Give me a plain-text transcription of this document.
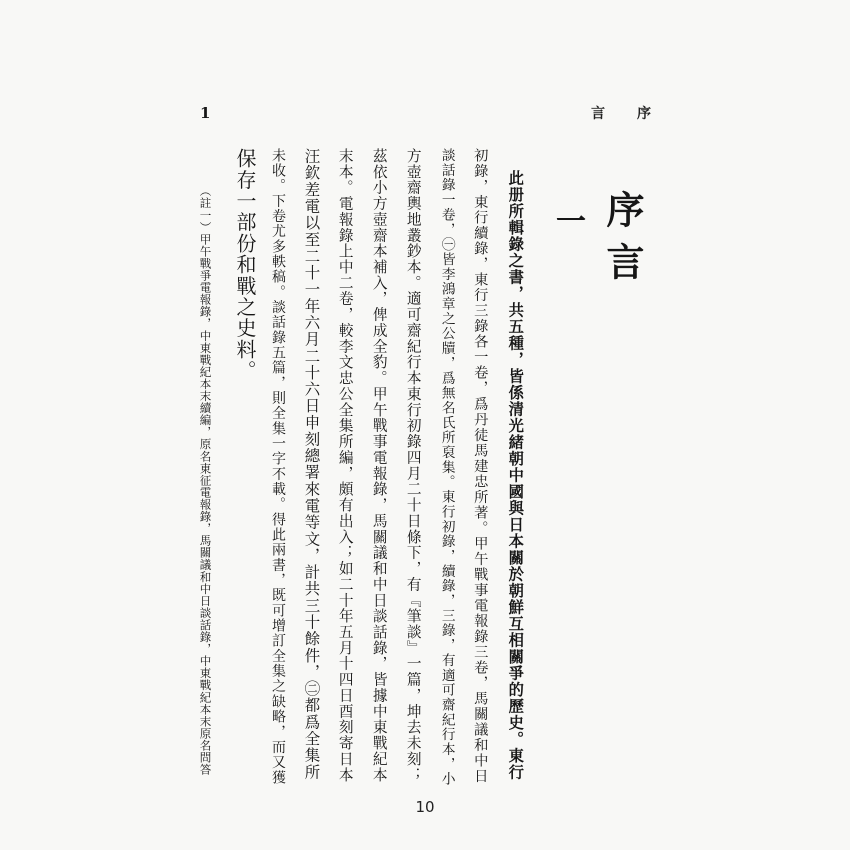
序
言
1
序言
一
此册所輯錄之書，共五種，皆係清光緒朝中國與日本關於朝鮮互相關爭的歷史。東行
初錄，東行續錄，東行三錄各一卷，爲丹徒馬建忠所著。甲午戰事電報錄三卷，馬關議和中日
談話錄一卷，㊀皆李鴻章之公牘，爲無名氏所裒集。東行初錄，續錄，三錄，有適可齋紀行本，小
方壺齋輿地叢鈔本。適可齋紀行本東行初錄四月二十日條下，有『筆談』一篇，坤去未刻；
茲依小方壺齋本補入，俾成全豹。甲午戰事電報錄，馬關議和中日談話錄，皆據中東戰紀本
末本。電報錄上中二卷，較李文忠公全集所編，頗有出入；如二十年五月十四日酉刻寄日本
汪欽差電以至二十一年六月二十六日申刻總署來電等文，計共三十餘件，㊁都爲全集所
未收。下卷尤多軼稿。談話錄五篇，則全集一字不載。得此兩書，既可增訂全集之缺略，而又獲
保存一部份和戰之史料。
（註一）甲午戰爭電報錄，中東戰紀本末續編，原名東征電報錄，馬關議和中日談話錄，中東戰紀本末原名問答
10
